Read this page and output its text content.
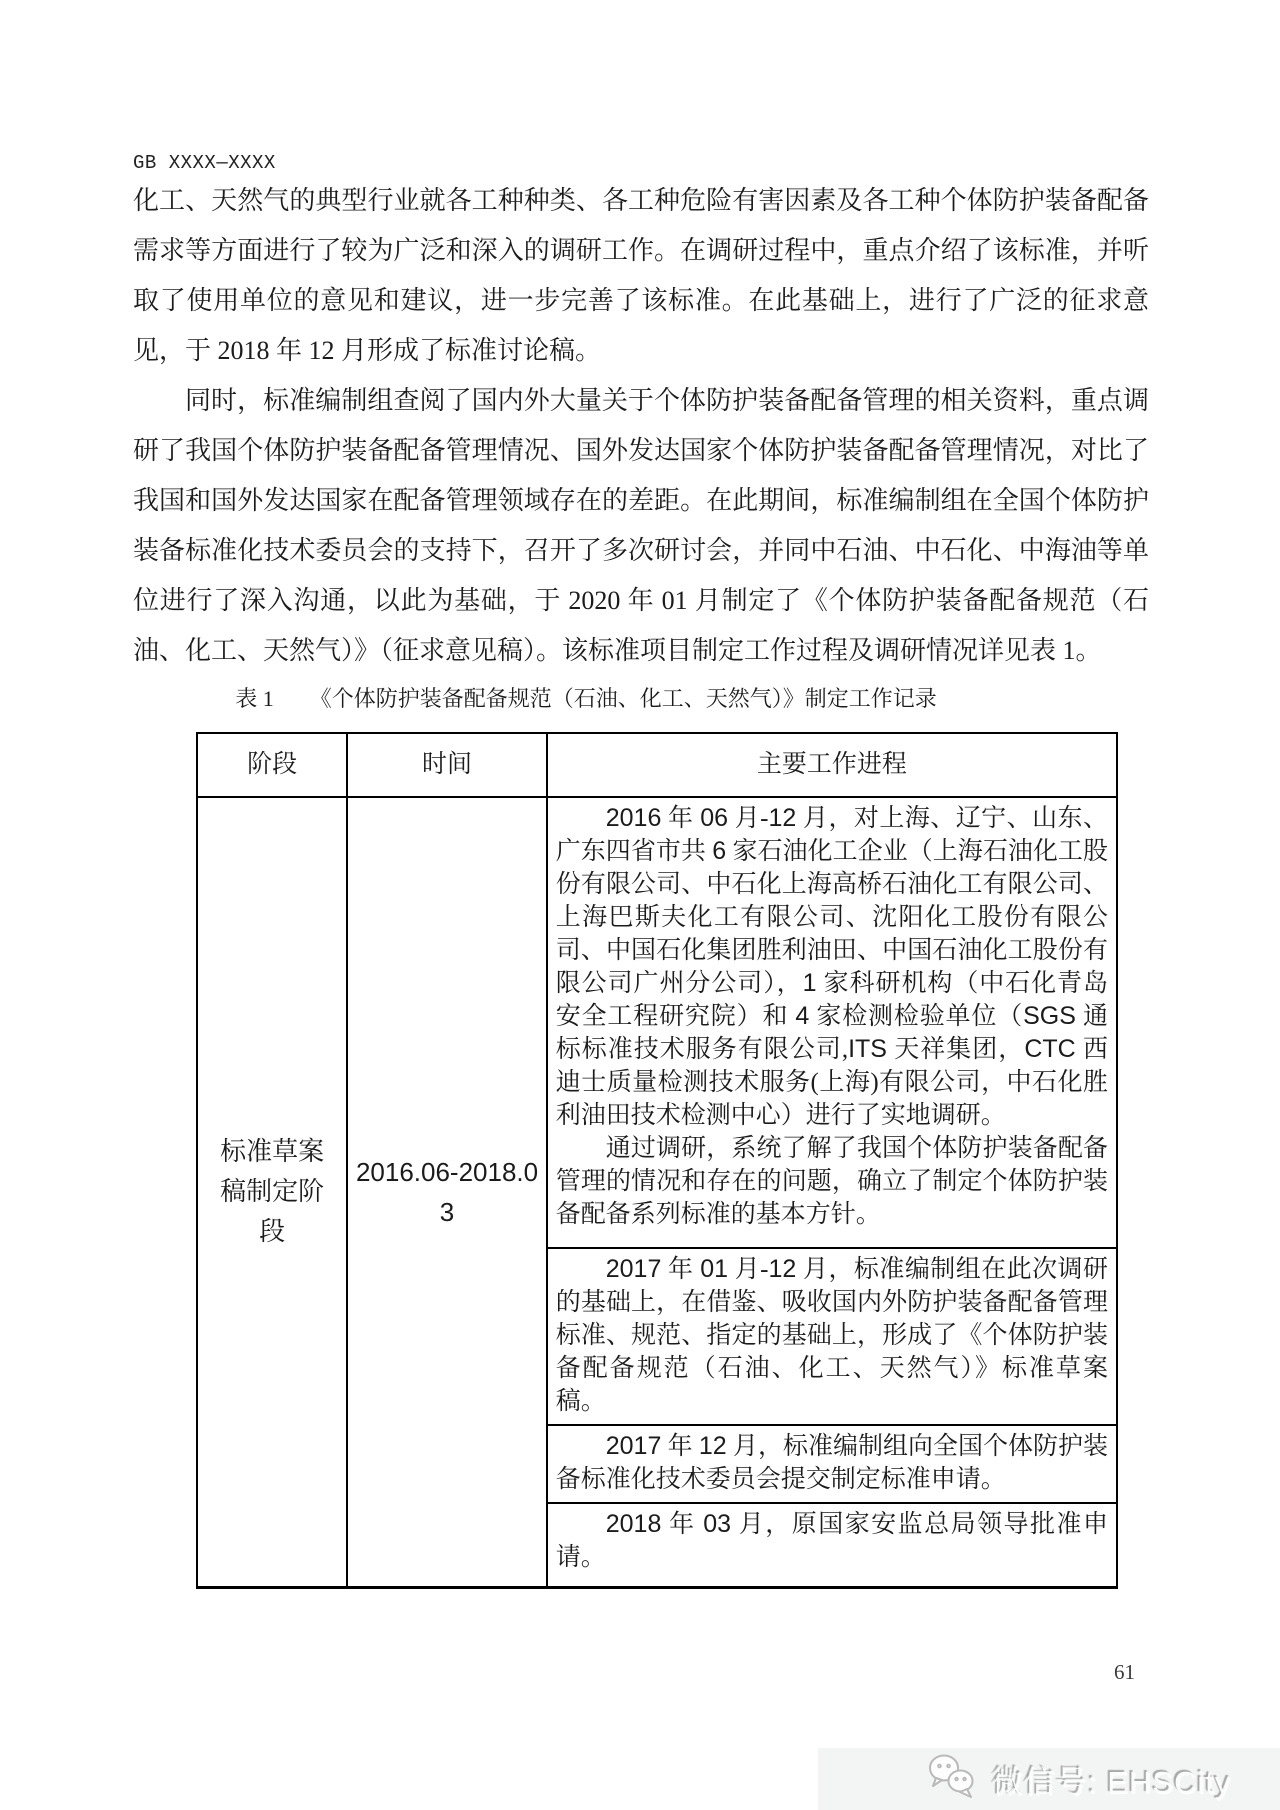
GB XXXX—XXXX

化工、天然气的典型行业就各工种种类、各工种危险有害因素及各工种个体防护装备配备需求等方面进行了较为广泛和深入的调研工作。在调研过程中，重点介绍了该标准，并听取了使用单位的意见和建议，进一步完善了该标准。在此基础上，进行了广泛的征求意见，于 2018 年 12 月形成了标准讨论稿。

同时，标准编制组查阅了国内外大量关于个体防护装备配备管理的相关资料，重点调研了我国个体防护装备配备管理情况、国外发达国家个体防护装备配备管理情况，对比了我国和国外发达国家在配备管理领域存在的差距。在此期间，标准编制组在全国个体防护装备标准化技术委员会的支持下，召开了多次研讨会，并同中石油、中石化、中海油等单位进行了深入沟通，以此为基础，于 2020 年 01 月制定了《个体防护装备配备规范（石油、化工、天然气）》（征求意见稿）。该标准项目制定工作过程及调研情况详见表 1。

表 1 《个体防护装备配备规范（石油、化工、天然气）》制定工作记录
阶段	时间	主要工作进程
标准草案稿制定阶段	2016.06-2018.03	2016 年 06 月-12 月，对上海、辽宁、山东、广东四省市共 6 家石油化工企业（上海石油化工股份有限公司、中石化上海高桥石油化工有限公司、上海巴斯夫化工有限公司、沈阳化工股份有限公司、中国石化集团胜利油田、中国石油化工股份有限公司广州分公司），1 家科研机构（中石化青岛安全工程研究院）和 4 家检测检验单位（SGS 通标标准技术服务有限公司,ITS 天祥集团，CTC 西迪士质量检测技术服务(上海)有限公司，中石化胜利油田技术检测中心）进行了实地调研。

通过调研，系统了解了我国个体防护装备配备管理的情况和存在的问题，确立了制定个体防护装备配备系列标准的基本方针。

		2017 年 01 月-12 月，标准编制组在此次调研的基础上，在借鉴、吸收国内外防护装备配备管理标准、规范、指定的基础上，形成了《个体防护装备配备规范（石油、化工、天然气）》标准草案稿。

		2017 年 12 月，标准编制组向全国个体防护装备标准化技术委员会提交制定标准申请。

		2018 年 03 月，原国家安监总局领导批准申请。

61
微信号: EHSCity
